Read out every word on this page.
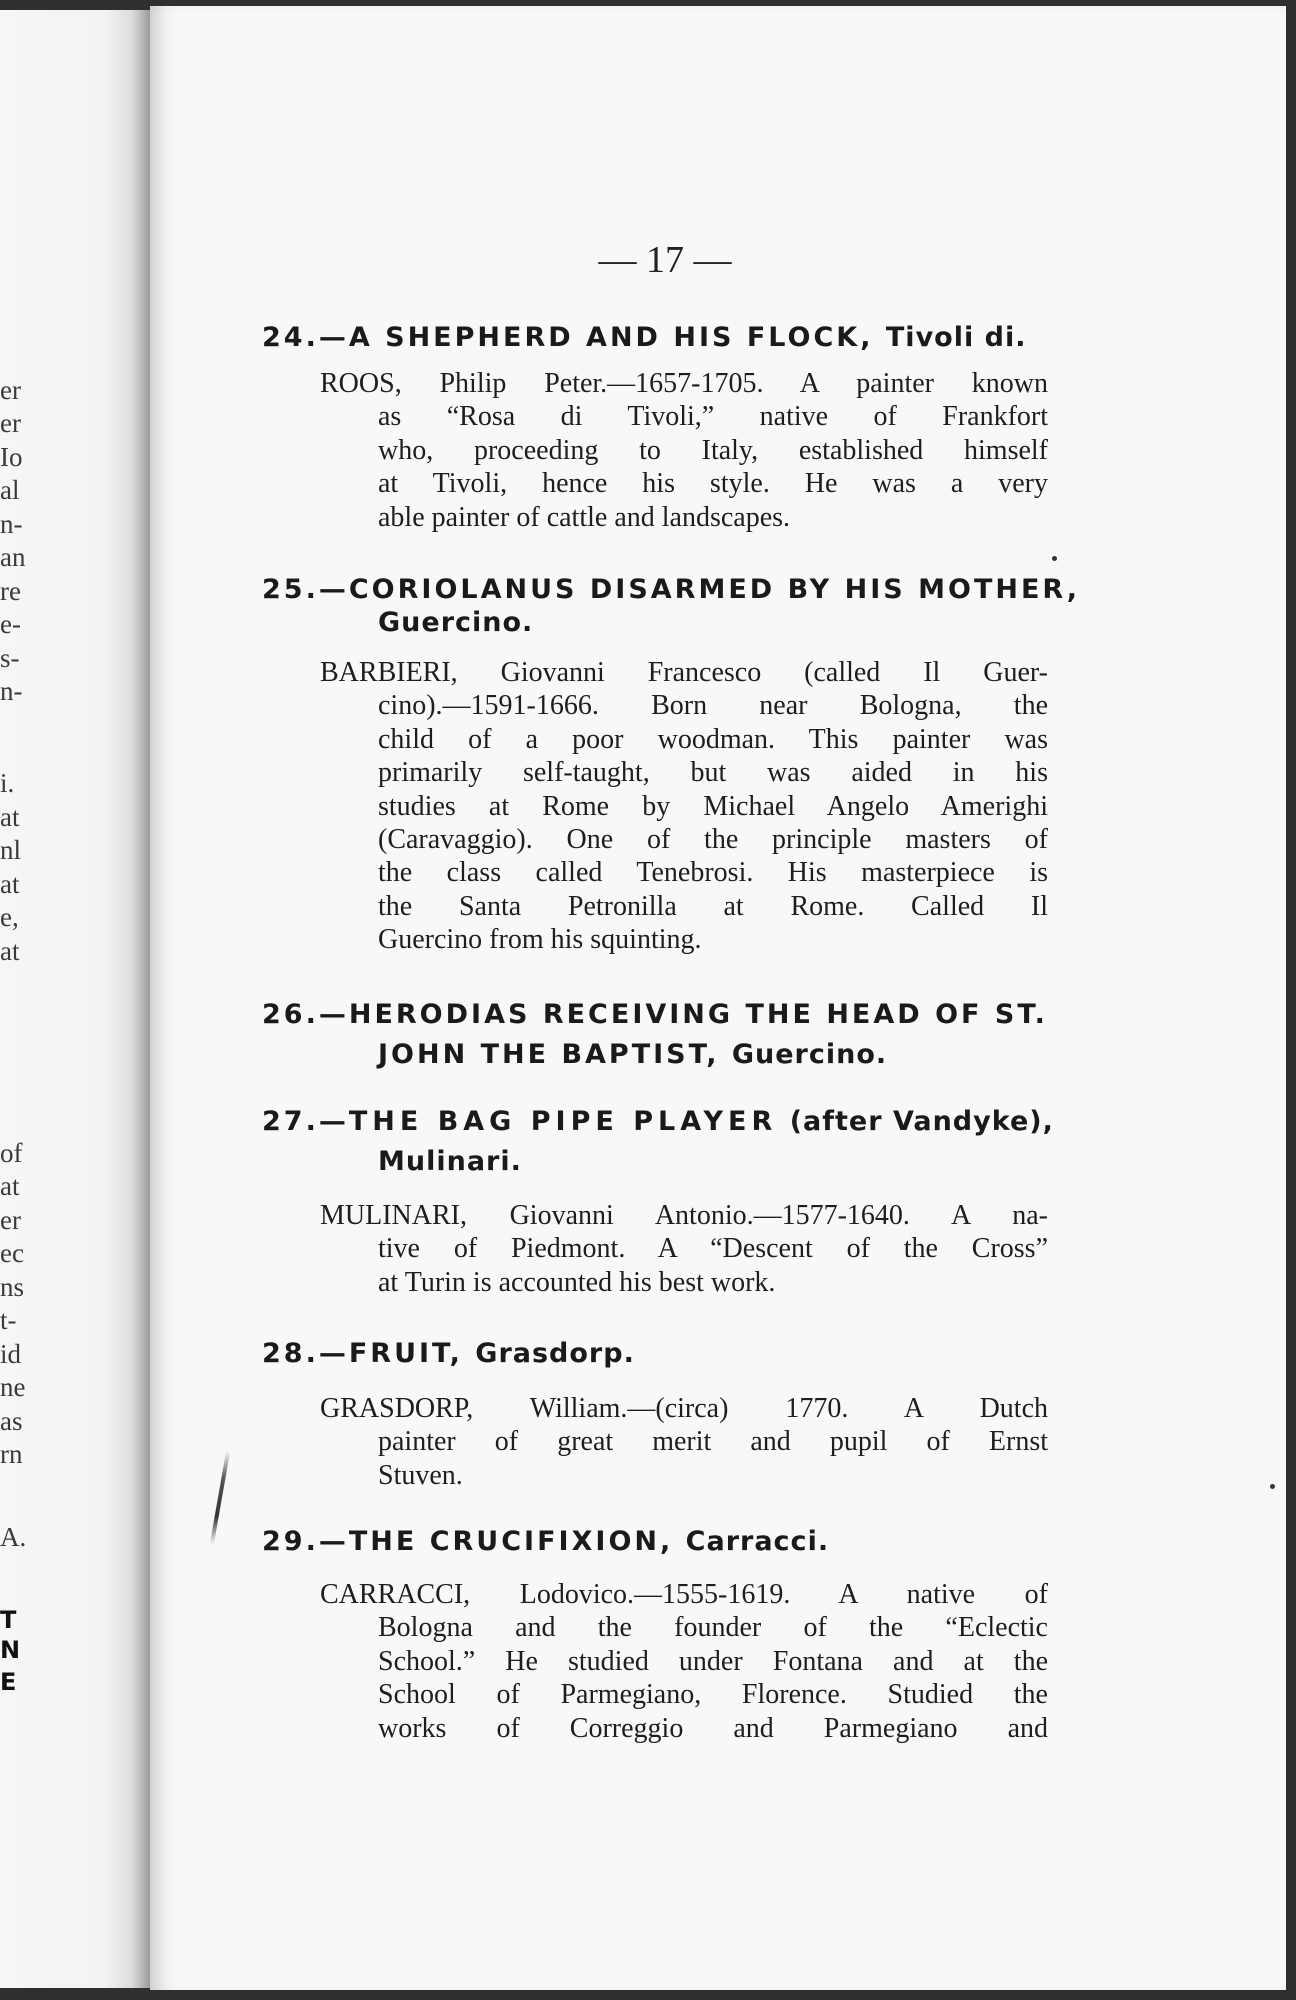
er
er
Io
al
n-
an
re
e-
s-
n-
i.
at
nl
at
e,
at
of
at
er
ec
ns
t-
id
ne
as
rn
A.
T
N
E
— 17 —
24.—A SHEPHERD AND HIS FLOCK, Tivoli di.
ROOS, Philip Peter.—1657-1705. A painter known
as “Rosa di Tivoli,” native of Frankfort
who, proceeding to Italy, established himself
at Tivoli, hence his style. He was a very
able painter of cattle and landscapes.
25.—CORIOLANUS DISARMED BY HIS MOTHER,
Guercino.
BARBIERI, Giovanni Francesco (called Il Guer-
cino).—1591-1666. Born near Bologna, the
child of a poor woodman. This painter was
primarily self-taught, but was aided in his
studies at Rome by Michael Angelo Amerighi
(Caravaggio). One of the principle masters of
the class called Tenebrosi. His masterpiece is
the Santa Petronilla at Rome. Called Il
Guercino from his squinting.
26.—HERODIAS RECEIVING THE HEAD OF ST.
JOHN THE BAPTIST, Guercino.
27.—THE BAG PIPE PLAYER (after Vandyke),
Mulinari.
MULINARI, Giovanni Antonio.—1577-1640. A na-
tive of Piedmont. A “Descent of the Cross”
at Turin is accounted his best work.
28.—FRUIT, Grasdorp.
GRASDORP, William.—(circa) 1770. A Dutch
painter of great merit and pupil of Ernst
Stuven.
29.—THE CRUCIFIXION, Carracci.
CARRACCI, Lodovico.—1555-1619. A native of
Bologna and the founder of the “Eclectic
School.” He studied under Fontana and at the
School of Parmegiano, Florence. Studied the
works of Correggio and Parmegiano and
